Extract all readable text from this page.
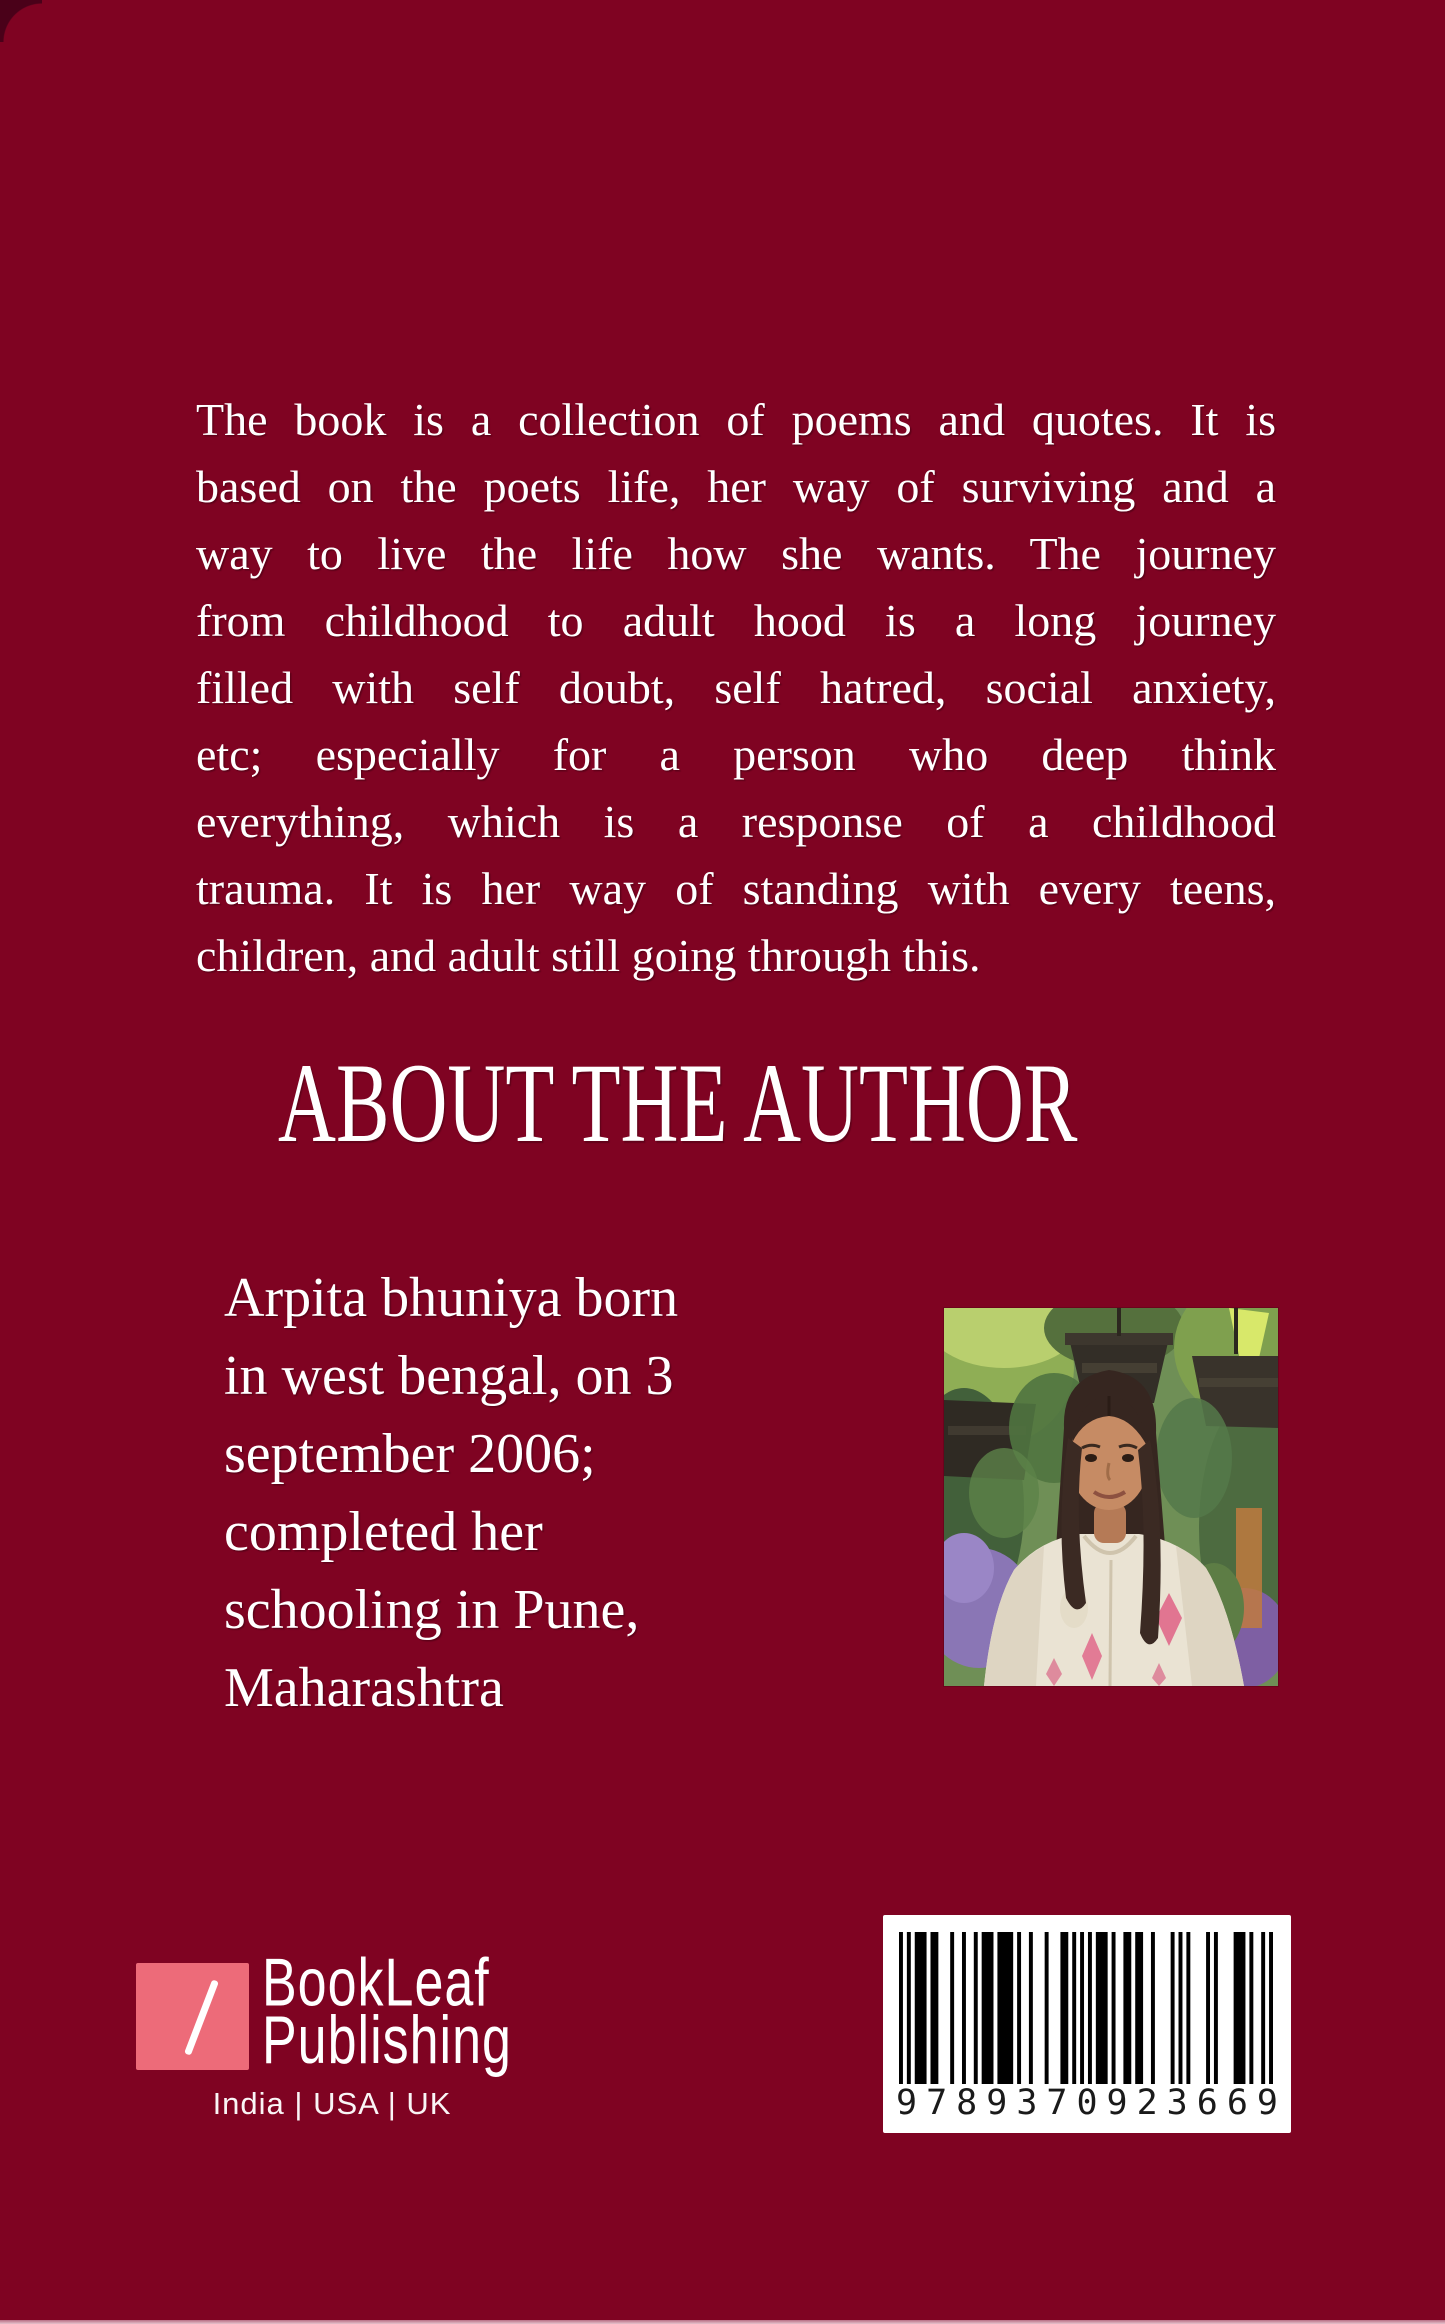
The book is a collection of poems and quotes. It is
based on the poets life, her way of surviving and a
way to live the life how she wants. The journey
from childhood to adult hood is a long journey
filled with self doubt, self hatred, social anxiety,
etc; especially for a person who deep think
everything, which is a response of a childhood
trauma. It is her way of standing with every teens,
children, and adult still going through this.
ABOUT THE AUTHOR
Arpita bhuniya born
in west bengal, on 3
september 2006;
completed her
schooling in Pune,
Maharashtra
BookLeaf
Publishing
India | USA | UK	9789370923669
